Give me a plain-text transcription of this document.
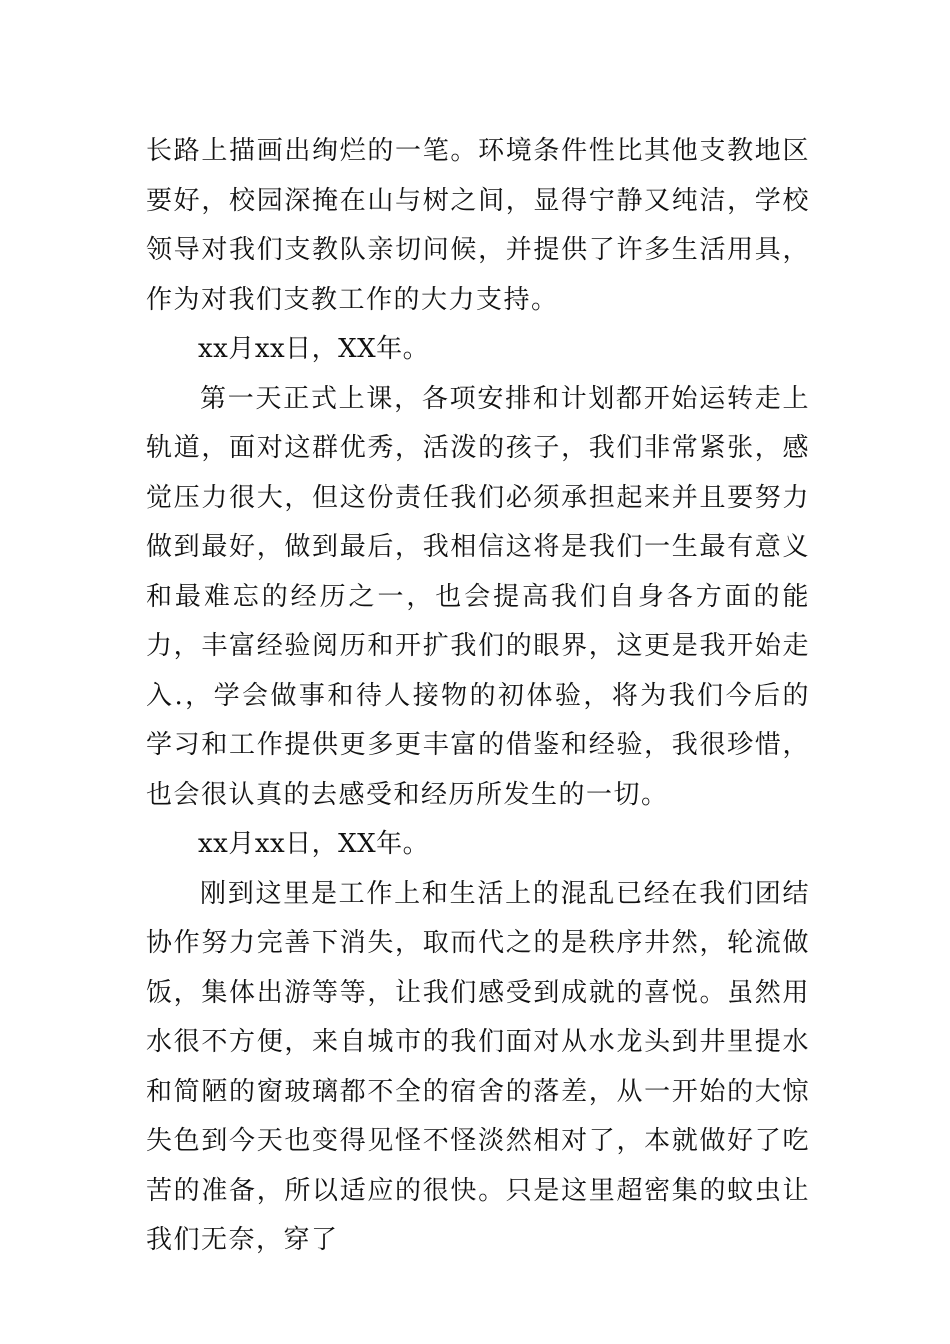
长路上描画出绚烂的一笔。环境条件性比其他支教地区要好，校园深掩在山与树之间，显得宁静又纯洁，学校领导对我们支教队亲切问候，并提供了许多生活用具，作为对我们支教工作的大力支持。

xx月xx日，XX年。

第一天正式上课，各项安排和计划都开始运转走上轨道，面对这群优秀，活泼的孩子，我们非常紧张，感觉压力很大，但这份责任我们必须承担起来并且要努力做到最好，做到最后，我相信这将是我们一生最有意义和最难忘的经历之一，也会提高我们自身各方面的能力，丰富经验阅历和开扩我们的眼界，这更是我开始走入.，学会做事和待人接物的初体验，将为我们今后的学习和工作提供更多更丰富的借鉴和经验，我很珍惜，也会很认真的去感受和经历所发生的一切。

xx月xx日，XX年。

刚到这里是工作上和生活上的混乱已经在我们团结协作努力完善下消失，取而代之的是秩序井然，轮流做饭，集体出游等等，让我们感受到成就的喜悦。虽然用水很不方便，来自城市的我们面对从水龙头到井里提水和简陋的窗玻璃都不全的宿舍的落差，从一开始的大惊失色到今天也变得见怪不怪淡然相对了，本就做好了吃苦的准备，所以适应的很快。只是这里超密集的蚊虫让我们无奈，穿了
